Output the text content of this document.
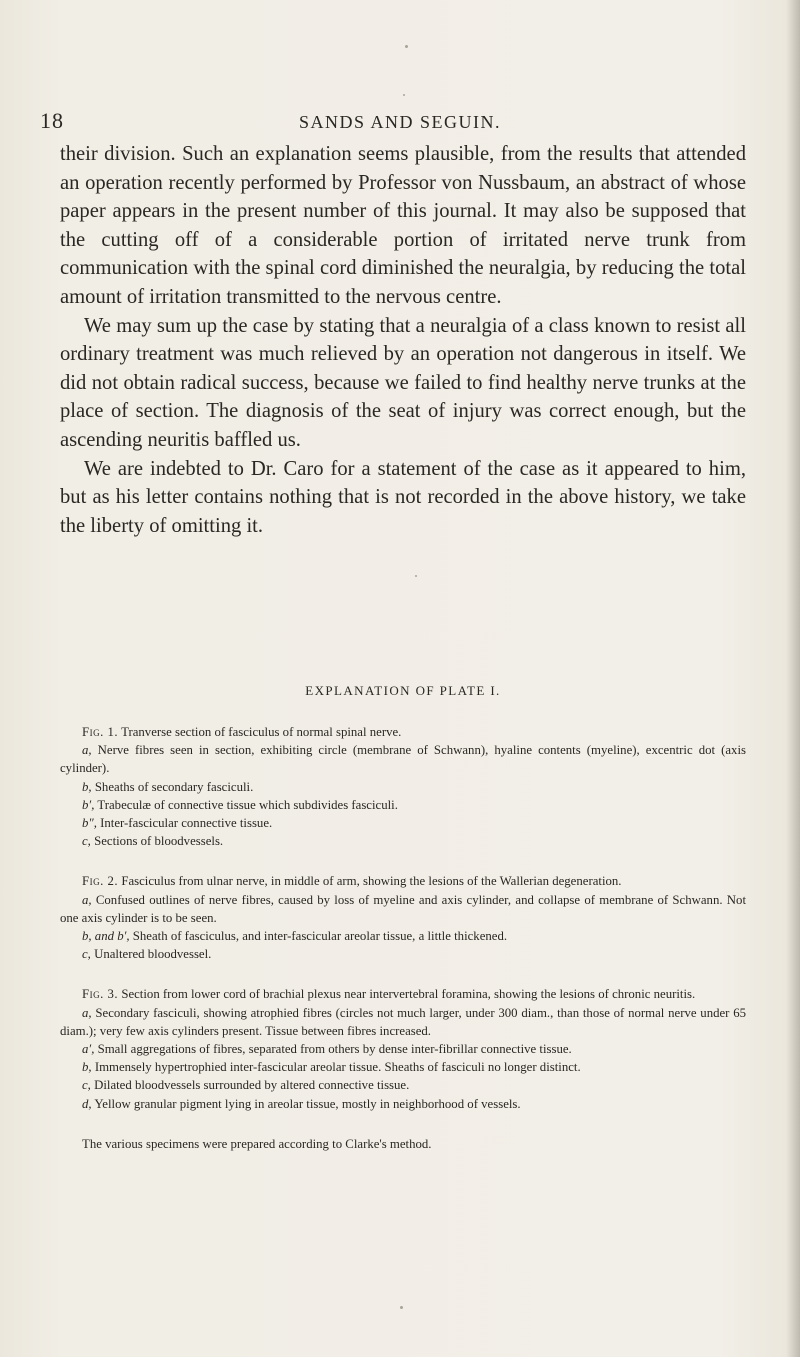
18	SANDS AND SEGUIN.

their division. Such an explanation seems plausible, from the results that attended an operation recently performed by Professor von Nussbaum, an abstract of whose paper appears in the present number of this journal. It may also be supposed that the cutting off of a considerable portion of irritated nerve trunk from communication with the spinal cord diminished the neuralgia, by reducing the total amount of irritation transmitted to the nervous centre.

We may sum up the case by stating that a neuralgia of a class known to resist all ordinary treatment was much relieved by an operation not dangerous in itself. We did not obtain radical success, because we failed to find healthy nerve trunks at the place of section. The diagnosis of the seat of injury was correct enough, but the ascending neuritis baffled us.

We are indebted to Dr. Caro for a statement of the case as it appeared to him, but as his letter contains nothing that is not recorded in the above history, we take the liberty of omitting it.

EXPLANATION OF PLATE I.

Fig. 1. Tranverse section of fasciculus of normal spinal nerve.

a, Nerve fibres seen in section, exhibiting circle (membrane of Schwann), hyaline contents (myeline), excentric dot (axis cylinder).

b, Sheaths of secondary fasciculi.

b′, Trabeculæ of connective tissue which subdivides fasciculi.

b″, Inter-fascicular connective tissue.

c, Sections of bloodvessels.

Fig. 2. Fasciculus from ulnar nerve, in middle of arm, showing the lesions of the Wallerian degeneration.

a, Confused outlines of nerve fibres, caused by loss of myeline and axis cylinder, and collapse of membrane of Schwann. Not one axis cylinder is to be seen.

b, and b′, Sheath of fasciculus, and inter-fascicular areolar tissue, a little thickened.

c, Unaltered bloodvessel.

Fig. 3. Section from lower cord of brachial plexus near intervertebral foramina, showing the lesions of chronic neuritis.

a, Secondary fasciculi, showing atrophied fibres (circles not much larger, under 300 diam., than those of normal nerve under 65 diam.); very few axis cylinders present. Tissue between fibres increased.

a′, Small aggregations of fibres, separated from others by dense inter-fibrillar connective tissue.

b, Immensely hypertrophied inter-fascicular areolar tissue. Sheaths of fasciculi no longer distinct.

c, Dilated bloodvessels surrounded by altered connective tissue.

d, Yellow granular pigment lying in areolar tissue, mostly in neighborhood of vessels.

The various specimens were prepared according to Clarke's method.
